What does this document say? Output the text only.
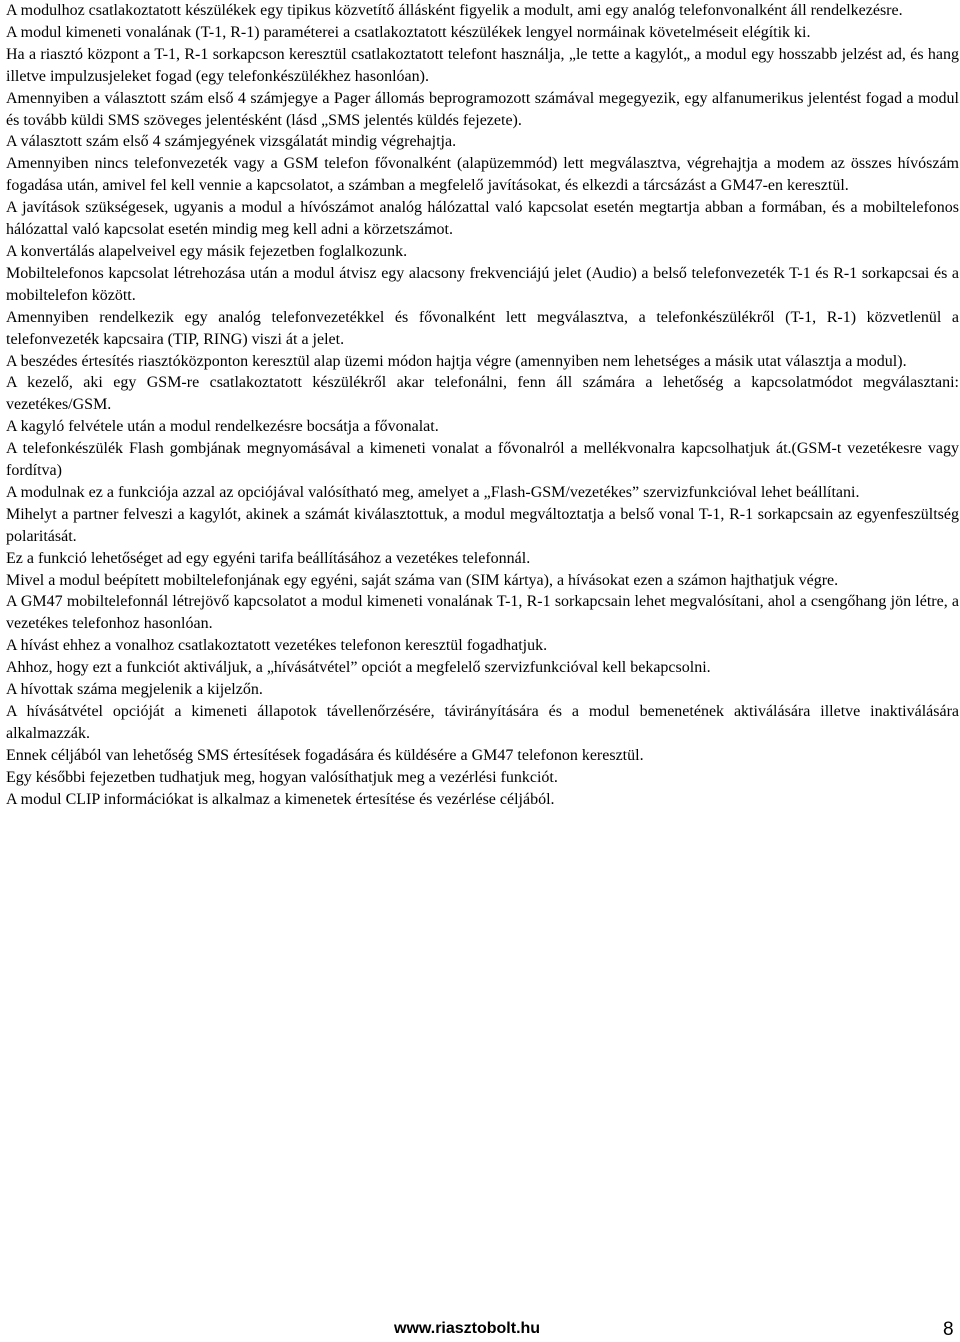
A modulhoz csatlakoztatott készülékek egy tipikus közvetítő állásként figyelik a modult, ami egy analóg telefonvonalként áll rendelkezésre.

A modul kimeneti vonalának (T-1, R-1) paraméterei a csatlakoztatott készülékek lengyel normáinak követelméseit elégítik ki.

Ha a riasztó központ a T-1, R-1 sorkapcson keresztül csatlakoztatott telefont használja, „le tette a kagylót„ a modul egy hosszabb jelzést ad, és hang illetve impulzusjeleket fogad (egy telefonkészülékhez hasonlóan).

Amennyiben a választott szám első 4 számjegye a Pager állomás beprogramozott számával megegyezik, egy alfanumerikus jelentést fogad a modul és tovább küldi SMS szöveges jelentésként (lásd „SMS jelentés küldés fejezete).

A választott szám első 4 számjegyének vizsgálatát mindig végrehajtja.

Amennyiben nincs telefonvezeték vagy a GSM telefon fővonalként (alapüzemmód) lett megválasztva, végrehajtja a modem az összes hívószám fogadása után, amivel fel kell vennie a kapcsolatot, a számban a megfelelő javításokat, és elkezdi a tárcsázást a GM47-en keresztül.

A javítások szükségesek, ugyanis a modul a hívószámot analóg hálózattal való kapcsolat esetén megtartja abban a formában, és a mobiltelefonos hálózattal való kapcsolat esetén mindig meg kell adni a körzetszámot.

A konvertálás alapelveivel egy másik fejezetben foglalkozunk.

Mobiltelefonos kapcsolat létrehozása után a modul átvisz egy alacsony frekvenciájú jelet (Audio) a belső telefonvezeték T-1 és R-1 sorkapcsai és a mobiltelefon között.

Amennyiben rendelkezik egy analóg telefonvezetékkel és fővonalként lett megválasztva, a telefonkészülékről (T-1, R-1) közvetlenül a telefonvezeték kapcsaira (TIP, RING) viszi át a jelet.

A beszédes értesítés riasztóközponton keresztül alap üzemi módon hajtja végre (amennyiben nem lehetséges a másik utat választja a modul).

A kezelő, aki egy GSM-re csatlakoztatott készülékről akar telefonálni, fenn áll számára a lehetőség a kapcsolatmódot megválasztani: vezetékes/GSM.

A kagyló felvétele után a modul rendelkezésre bocsátja a fővonalat.

A telefonkészülék Flash gombjának megnyomásával a kimeneti vonalat a fővonalról a mellékvonalra kapcsolhatjuk át.(GSM-t vezetékesre vagy fordítva)

A modulnak ez a funkciója azzal az opciójával valósítható meg, amelyet a „Flash-GSM/vezetékes” szervizfunkcióval lehet beállítani.

Mihelyt a partner felveszi a kagylót, akinek a számát kiválasztottuk, a modul megváltoztatja a belső vonal T-1, R-1 sorkapcsain az egyenfeszültség polaritását.

Ez a funkció lehetőséget ad egy egyéni tarifa beállításához a vezetékes telefonnál.

Mivel a modul beépített mobiltelefonjának egy egyéni, saját száma van (SIM kártya), a hívásokat ezen a számon hajthatjuk végre.

A GM47 mobiltelefonnál létrejövő kapcsolatot a modul kimeneti vonalának T-1, R-1 sorkapcsain lehet megvalósítani, ahol a csengőhang jön létre, a vezetékes telefonhoz hasonlóan.

A hívást ehhez a vonalhoz csatlakoztatott vezetékes telefonon keresztül fogadhatjuk.

Ahhoz, hogy ezt a funkciót aktiváljuk, a „hívásátvétel” opciót a megfelelő szervizfunkcióval kell bekapcsolni.

A hívottak száma megjelenik a kijelzőn.

A hívásátvétel opcióját a kimeneti állapotok távellenőrzésére, távirányítására és a modul bemenetének aktiválására illetve inaktiválására alkalmazzák.

Ennek céljából van lehetőség SMS értesítések fogadására és küldésére a GM47 telefonon keresztül.

Egy későbbi fejezetben tudhatjuk meg, hogyan valósíthatjuk meg a vezérlési funkciót.

A modul CLIP információkat is alkalmaz a kimenetek értesítése és vezérlése céljából.

www.riasztobolt.hu	8
